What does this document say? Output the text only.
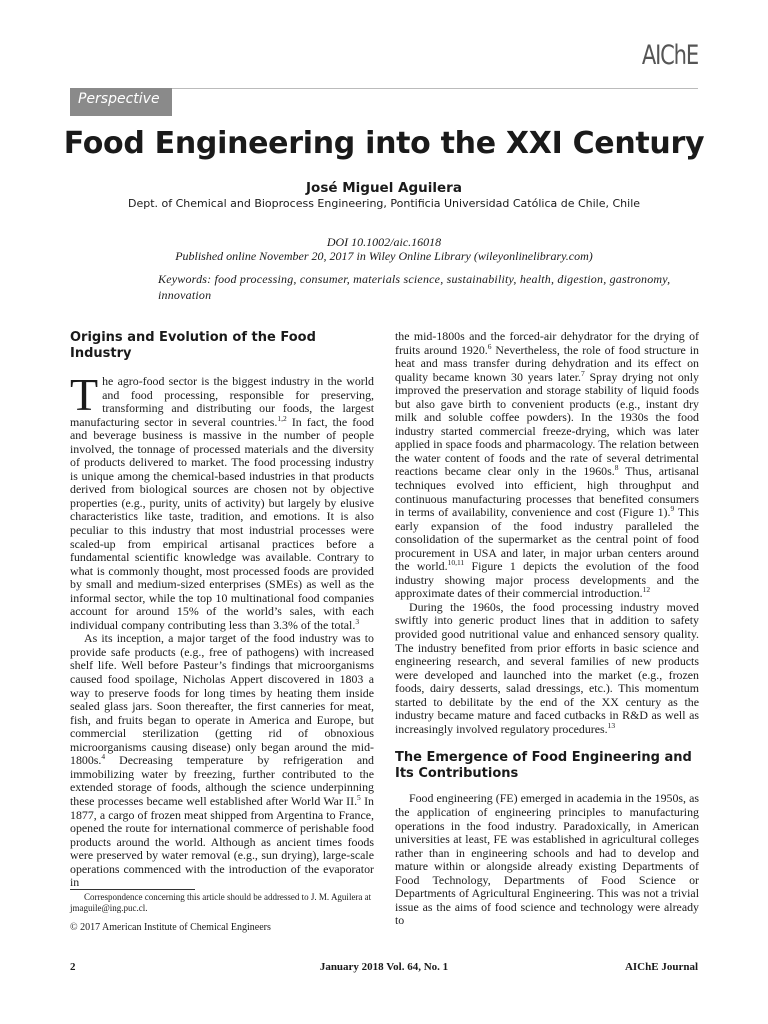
AIChE
Perspective
Food Engineering into the XXI Century
José Miguel Aguilera
Dept. of Chemical and Bioprocess Engineering, Pontificia Universidad Católica de Chile, Chile
DOI 10.1002/aic.16018
Published online November 20, 2017 in Wiley Online Library (wileyonlinelibrary.com)
Keywords: food processing, consumer, materials science, sustainability, health, digestion, gastronomy, innovation
Origins and Evolution of the Food Industry

The agro-food sector is the biggest industry in the world and food processing, responsible for preserving, transforming and distributing our foods, the largest manufacturing sector in several countries.$^{1,2}$ In fact, the food and beverage business is massive in the number of people involved, the tonnage of processed materials and the diversity of products delivered to market. The food processing industry is unique among the chemical-based industries in that products derived from biological sources are chosen not by objective properties (e.g., purity, units of activity) but largely by elusive characteristics like taste, tradition, and emotions. It is also peculiar to this industry that most industrial processes were scaled-up from empirical artisanal practices before a fundamental scientific knowledge was available. Contrary to what is commonly thought, most processed foods are provided by small and medium-sized enterprises (SMEs) as well as the informal sector, while the top 10 multinational food companies account for around 15% of the world’s sales, with each individual company contributing less than 3.3% of the total.$^3$

As its inception, a major target of the food industry was to provide safe products (e.g., free of pathogens) with increased shelf life. Well before Pasteur’s findings that microorganisms caused food spoilage, Nicholas Appert discovered in 1803 a way to preserve foods for long times by heating them inside sealed glass jars. Soon thereafter, the first canneries for meat, fish, and fruits began to operate in America and Europe, but commercial sterilization (getting rid of obnoxious microorganisms causing disease) only began around the mid-1800s.$^4$ Decreasing temperature by refrigeration and immobilizing water by freezing, further contributed to the extended storage of foods, although the science underpinning these processes became well established after World War II.$^5$ In 1877, a cargo of frozen meat shipped from Argentina to France, opened the route for international commerce of perishable food products around the world. Although as ancient times foods were preserved by water removal (e.g., sun drying), large-scale operations commenced with the introduction of the evaporator in

the mid-1800s and the forced-air dehydrator for the drying of fruits around 1920.$^6$ Nevertheless, the role of food structure in heat and mass transfer during dehydration and its effect on quality became known 30 years later.$^7$ Spray drying not only improved the preservation and storage stability of liquid foods but also gave birth to convenient products (e.g., instant dry milk and soluble coffee powders). In the 1930s the food industry started commercial freeze-drying, which was later applied in space foods and pharmacology. The relation between the water content of foods and the rate of several detrimental reactions became clear only in the 1960s.$^8$ Thus, artisanal techniques evolved into efficient, high throughput and continuous manufacturing processes that benefited consumers in terms of availability, convenience and cost (Figure 1).$^9$ This early expansion of the food industry paralleled the consolidation of the supermarket as the central point of food procurement in USA and later, in major urban centers around the world.$^{10,11}$ Figure 1 depicts the evolution of the food industry showing major process developments and the approximate dates of their commercial introduction.$^{12}$

During the 1960s, the food processing industry moved swiftly into generic product lines that in addition to safety provided good nutritional value and enhanced sensory quality. The industry benefited from prior efforts in basic science and engineering research, and several families of new products were developed and launched into the market (e.g., frozen foods, dairy desserts, salad dressings, etc.). This momentum started to debilitate by the end of the XX century as the industry became mature and faced cutbacks in R&D as well as increasingly involved regulatory procedures.$^{13}$

The Emergence of Food Engineering and Its Contributions

Food engineering (FE) emerged in academia in the 1950s, as the application of engineering principles to manufacturing operations in the food industry. Paradoxically, in American universities at least, FE was established in agricultural colleges rather than in engineering schools and had to develop and mature within or alongside already existing Departments of Food Technology, Departments of Food Science or Departments of Agricultural Engineering. This was not a trivial issue as the aims of food science and technology were already to

Correspondence concerning this article should be addressed to J. M. Aguilera at jmaguile@ing.puc.cl.
© 2017 American Institute of Chemical Engineers
2	January 2018 Vol. 64, No. 1	AIChE Journal
